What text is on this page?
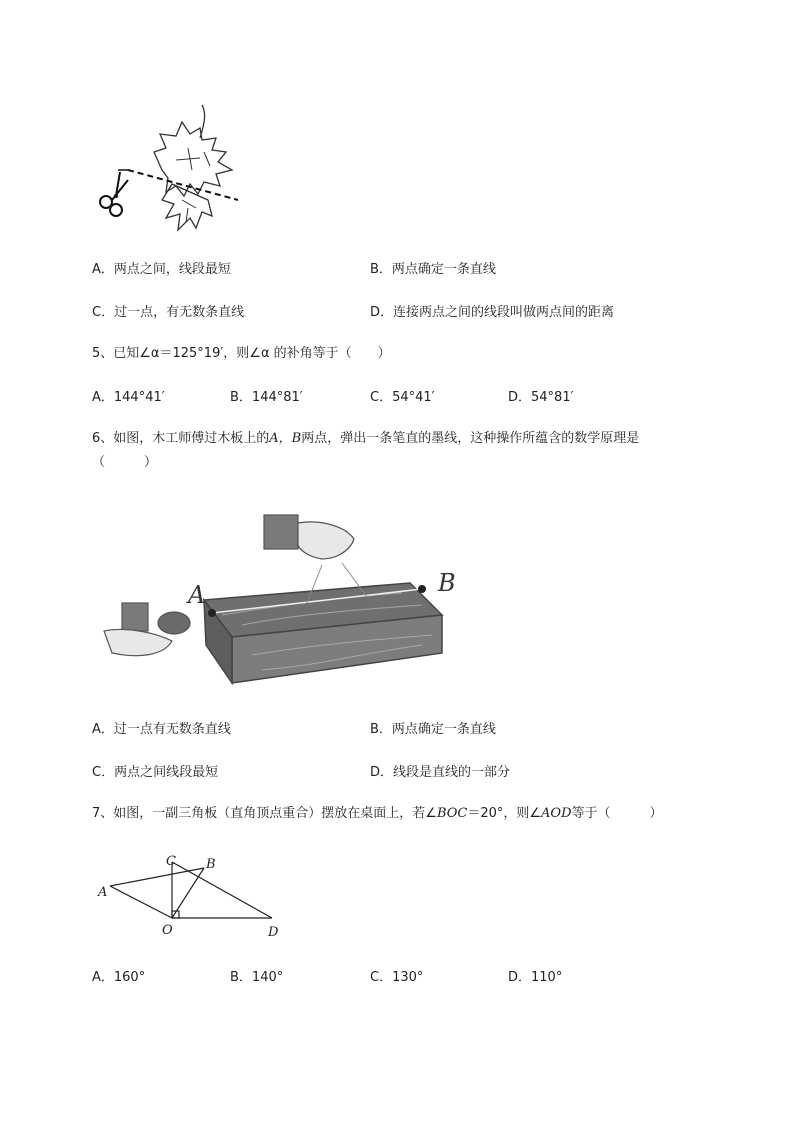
A．两点之间，线段最短	B．两点确定一条直线
C．过一点，有无数条直线	D．连接两点之间的线段叫做两点间的距离
5、已知∠α＝125°19′，则∠α 的补角等于（　　）
A．144°41′	B．144°81′	C．54°41′	D．54°81′
6、如图，木工师傅过木板上的A，B两点，弹出一条笔直的墨线，这种操作所蕴含的数学原理是
（　　　）
A	B
A．过一点有无数条直线	B．两点确定一条直线
C．两点之间线段最短	D．线段是直线的一部分
7、如图，一副三角板（直角顶点重合）摆放在桌面上，若∠BOC＝20°，则∠AOD等于（　　　）
A
B
C
O	D
A．160°	B．140°	C．130°	D．110°
